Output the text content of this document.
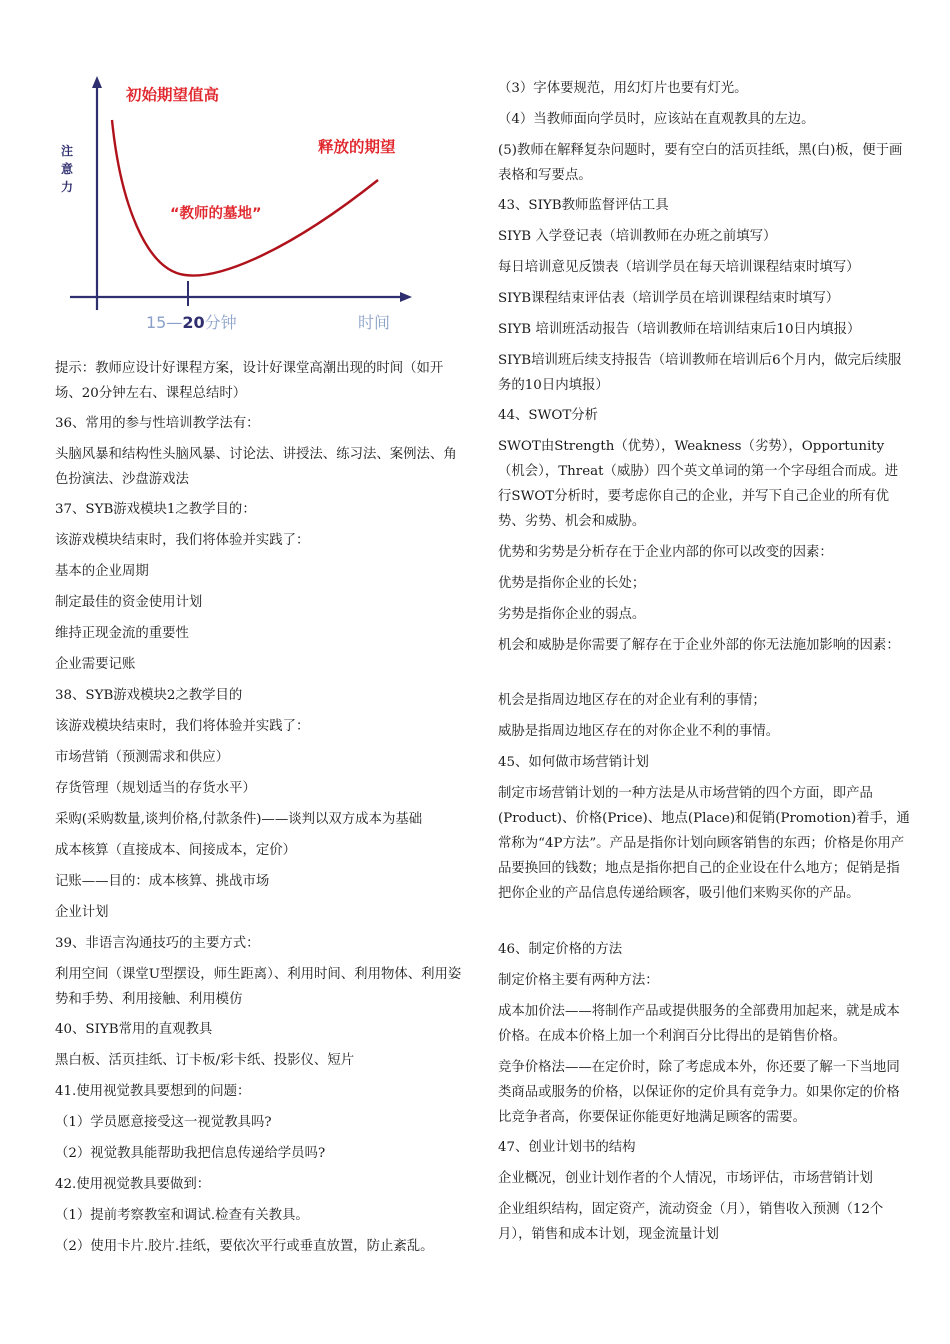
初始期望值高
释放的期望
“教师的墓地”
注
意
力
15—20分钟	时间
提示：教师应设计好课程方案，设计好课堂高潮出现的时间（如开场、20分钟左右、课程总结时）
36、常用的参与性培训教学法有：
头脑风暴和结构性头脑风暴、讨论法、讲授法、练习法、案例法、角色扮演法、沙盘游戏法
37、SYB游戏模块1之教学目的：
该游戏模块结束时，我们将体验并实践了：
基本的企业周期
制定最佳的资金使用计划
维持正现金流的重要性
企业需要记账
38、SYB游戏模块2之教学目的
该游戏模块结束时，我们将体验并实践了：
市场营销（预测需求和供应）
存货管理（规划适当的存货水平）
采购(采购数量,谈判价格,付款条件)——谈判以双方成本为基础
成本核算（直接成本、间接成本，定价）
记账——目的：成本核算、挑战市场
企业计划
39、非语言沟通技巧的主要方式：
利用空间（课堂U型摆设，师生距离）、利用时间、利用物体、利用姿势和手势、利用接触、利用模仿
40、SIYB常用的直观教具
黑白板、活页挂纸、订卡板/彩卡纸、投影仪、短片
41.使用视觉教具要想到的问题：
（1）学员愿意接受这一视觉教具吗?
（2）视觉教具能帮助我把信息传递给学员吗?
42.使用视觉教具要做到：
（1）提前考察教室和调试.检查有关教具。
（2）使用卡片.胶片.挂纸，要依次平行或垂直放置，防止紊乱。
（3）字体要规范，用幻灯片也要有灯光。
（4）当教师面向学员时，应该站在直观教具的左边。
(5)教师在解释复杂问题时，要有空白的活页挂纸，黑(白)板，便于画表格和写要点。
43、SIYB教师监督评估工具
SIYB 入学登记表（培训教师在办班之前填写）
每日培训意见反馈表（培训学员在每天培训课程结束时填写）
SIYB课程结束评估表（培训学员在培训课程结束时填写）
SIYB 培训班活动报告（培训教师在培训结束后10日内填报）
SIYB培训班后续支持报告（培训教师在培训后6个月内，做完后续服务的10日内填报）
44、SWOT分析
SWOT由Strength（优势），Weakness（劣势），Opportunity（机会），Threat（威胁）四个英文单词的第一个字母组合而成。进行SWOT分析时，要考虑你自己的企业，并写下自己企业的所有优势、劣势、机会和威胁。
优势和劣势是分析存在于企业内部的你可以改变的因素：
优势是指你企业的长处；
劣势是指你企业的弱点。
机会和威胁是你需要了解存在于企业外部的你无法施加影响的因素：
机会是指周边地区存在的对企业有利的事情；
威胁是指周边地区存在的对你企业不利的事情。
45、如何做市场营销计划
制定市场营销计划的一种方法是从市场营销的四个方面，即产品(Product)、价格(Price)、地点(Place)和促销(Promotion)着手，通常称为“4P方法”。产品是指你计划向顾客销售的东西；价格是你用产品要换回的钱数；地点是指你把自己的企业设在什么地方；促销是指把你企业的产品信息传递给顾客，吸引他们来购买你的产品。
46、制定价格的方法
制定价格主要有两种方法：
成本加价法——将制作产品或提供服务的全部费用加起来，就是成本价格。在成本价格上加一个利润百分比得出的是销售价格。
竞争价格法——在定价时，除了考虑成本外，你还要了解一下当地同类商品或服务的价格，以保证你的定价具有竞争力。如果你定的价格比竞争者高，你要保证你能更好地满足顾客的需要。
47、创业计划书的结构
企业概况，创业计划作者的个人情况，市场评估，市场营销计划
企业组织结构，固定资产，流动资金（月），销售收入预测（12个月），销售和成本计划，现金流量计划
